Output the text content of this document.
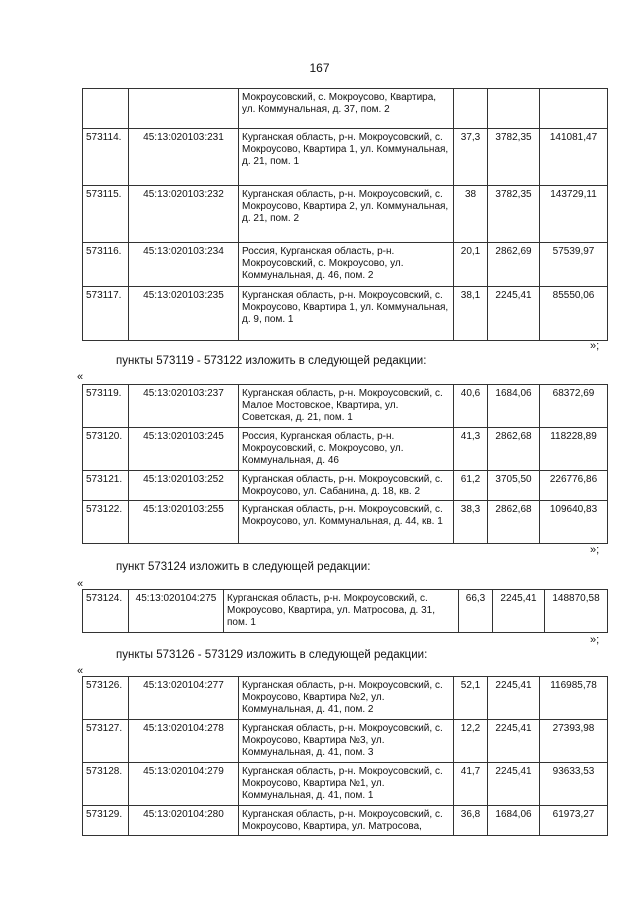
167
		Мокроусовский, с. Мокроусово, Квартира, ул. Коммунальная, д. 37, пом. 2			
573114.	45:13:020103:231	Курганская область, р-н. Мокроусовский, с. Мокроусово, Квартира 1, ул. Коммунальная, д. 21, пом. 1	37,3	3782,35	141081,47
573115.	45:13:020103:232	Курганская область, р-н. Мокроусовский, с. Мокроусово, Квартира 2, ул. Коммунальная, д. 21, пом. 2	38	3782,35	143729,11
573116.	45:13:020103:234	Россия, Курганская область, р-н. Мокроусовский, с. Мокроусово, ул. Коммунальная, д. 46, пом. 2	20,1	2862,69	57539,97
573117.	45:13:020103:235	Курганская область, р-н. Мокроусовский, с. Мокроусово, Квартира 1, ул. Коммунальная, д. 9, пом. 1	38,1	2245,41	85550,06
»;
пункты 573119 - 573122 изложить в следующей редакции:
«
573119.	45:13:020103:237	Курганская область, р-н. Мокроусовский, с. Малое Мостовское, Квартира, ул. Советская, д. 21, пом. 1	40,6	1684,06	68372,69
573120.	45:13:020103:245	Россия, Курганская область, р-н. Мокроусовский, с. Мокроусово, ул. Коммунальная, д. 46	41,3	2862,68	118228,89
573121.	45:13:020103:252	Курганская область, р-н. Мокроусовский, с. Мокроусово, ул. Сабанина, д. 18, кв. 2	61,2	3705,50	226776,86
573122.	45:13:020103:255	Курганская область, р-н. Мокроусовский, с. Мокроусово, ул. Коммунальная, д. 44, кв. 1	38,3	2862,68	109640,83
»;
пункт 573124 изложить в следующей редакции:
«
573124.	45:13:020104:275	Курганская область, р-н. Мокроусовский, с. Мокроусово, Квартира, ул. Матросова, д. 31, пом. 1	66,3	2245,41	148870,58
»;
пункты 573126 - 573129 изложить в следующей редакции:
«
573126.	45:13:020104:277	Курганская область, р-н. Мокроусовский, с. Мокроусово, Квартира №2, ул. Коммунальная, д. 41, пом. 2	52,1	2245,41	116985,78
573127.	45:13:020104:278	Курганская область, р-н. Мокроусовский, с. Мокроусово, Квартира №3, ул. Коммунальная, д. 41, пом. 3	12,2	2245,41	27393,98
573128.	45:13:020104:279	Курганская область, р-н. Мокроусовский, с. Мокроусово, Квартира №1, ул. Коммунальная, д. 41, пом. 1	41,7	2245,41	93633,53
573129.	45:13:020104:280	Курганская область, р-н. Мокроусовский, с. Мокроусово, Квартира, ул. Матросова,	36,8	1684,06	61973,27
